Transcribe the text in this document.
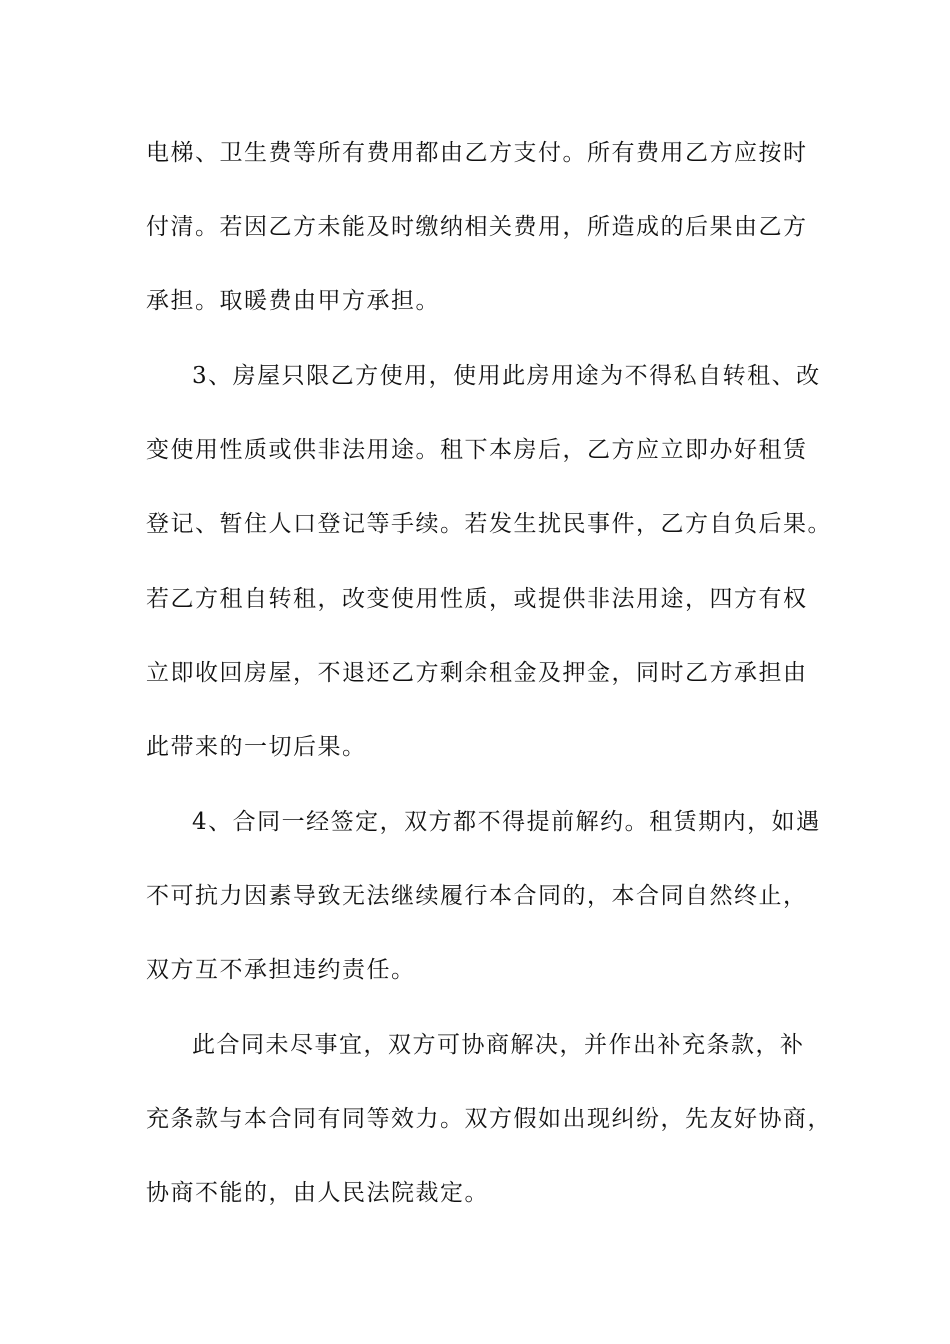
电梯、卫生费等所有费用都由乙方支付。所有费用乙方应按时
付清。若因乙方未能及时缴纳相关费用，所造成的后果由乙方
承担。取暖费由甲方承担。
3、房屋只限乙方使用，使用此房用途为不得私自转租、改
变使用性质或供非法用途。租下本房后，乙方应立即办好租赁
登记、暂住人口登记等手续。若发生扰民事件，乙方自负后果。
若乙方租自转租，改变使用性质，或提供非法用途，四方有权
立即收回房屋，不退还乙方剩余租金及押金，同时乙方承担由
此带来的一切后果。
4、合同一经签定，双方都不得提前解约。租赁期内，如遇
不可抗力因素导致无法继续履行本合同的，本合同自然终止，
双方互不承担违约责任。
此合同未尽事宜，双方可协商解决，并作出补充条款，补
充条款与本合同有同等效力。双方假如出现纠纷，先友好协商，
协商不能的，由人民法院裁定。
